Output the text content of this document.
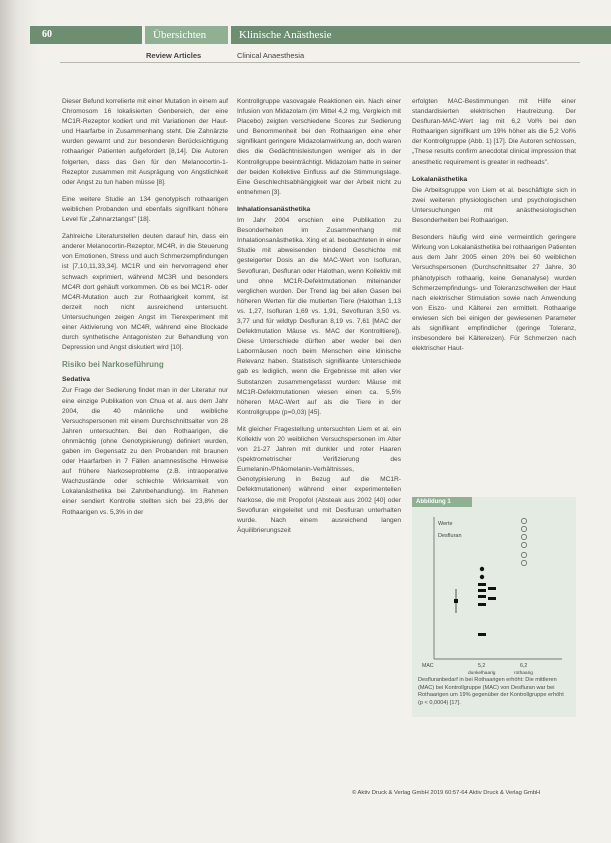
60	Übersichten	Klinische Anästhesie
Review Articles	Clinical Anaesthesia

Dieser Befund korrelierte mit einer Mutation in einem auf Chromosom 16 lokalisierten Genbereich, der eine MC1R-Rezeptor kodiert und mit Variationen der Haut- und Haarfarbe in Zusammenhang steht. Die Zahnärzte wurden gewarnt und zur besonderen Berücksichtigung rothaariger Patienten aufgefordert [8,14]. Die Autoren folgerten, dass das Gen für den Melanocortin-1-Rezeptor zusammen mit Ausprägung von Angstlichkeit oder Angst zu tun haben müsse [8].

Eine weitere Studie an 134 genotypisch rothaarigen weiblichen Probanden und ebenfalls signifikant höhere Level für „Zahnarztangst" [18].

Zahlreiche Literaturstellen deuten darauf hin, dass ein anderer Melanocortin-Rezeptor, MC4R, in die Steuerung von Emotionen, Stress und auch Schmerzempfindungen ist [7,10,11,33,34]. MC1R und ein hervorragend eher schwach exprimiert, während MC3R und besonders MC4R dort gehäuft vorkommen. Ob es bei MC1R- oder MC4R-Mutation auch zur Rothaarigkeit kommt, ist derzeit noch nicht ausreichend untersucht. Untersuchungen zeigen Angst im Tierexperiment mit einer Aktivierung von MC4R, während eine Blockade durch synthetische Antagonisten zur Behandlung von Depression und Angst diskutiert wird [10].

Risiko bei Narkoseführung
Sedativa

Zur Frage der Sedierung findet man in der Literatur nur eine einzige Publikation von Chua et al. aus dem Jahr 2004, die 40 männliche und weibliche Versuchspersonen mit einem Durchschnittsalter von 28 Jahren untersuchten. Bei den Rothaarigen, die ohnmächtig (ohne Genotypisierung) definiert wurden, gaben im Gegensatz zu den Probanden mit braunen oder Haarfarben in 7 Fällen anamnestische Hinweise auf frühere Narkoseprobleme (z.B. intraoperative Wachzustände oder schlechte Wirksamkeit von Lokalanästhetika bei Zahnbehandlung). Im Rahmen einer sendiert Kontrolle stellten sich bei 23,8% der Rothaarigen vs. 5,3% in der

Kontrollgruppe vasovagale Reaktionen ein. Nach einer Infusion von Midazolam (im Mittel 4,2 mg, Vergleich mit Placebo) zeigten verschiedene Scores zur Sedierung und Benommenheit bei den Rothaarigen eine eher signifikant geringere Midazolamwirkung an, doch waren dies die Gedächtnisleistungen weniger als in der Kontrollgruppe beeinträchtigt. Midazolam hatte in seiner der beiden Kollektive Einfluss auf die Stimmungslage. Eine Geschlechtsabhängigkeit war der Arbeit nicht zu entnehmen [3].

Inhalationsanästhetika

Im Jahr 2004 erschien eine Publikation zu Besonderheiten im Zusammenhang mit Inhalationsanästhetika. Xing et al. beobachteten in einer Studie mit abweisenden bindend Geschichte mit gesteigerter Dosis an die MAC-Wert von Isofluran, Sevofluran, Desfluran oder Halothan, wenn Kollektiv mit und ohne MC1R-Defektmutationen miteinander verglichen wurden. Der Trend lag bei allen Gasen bei höheren Werten für die mutierten Tiere (Halothan 1,13 vs. 1,27, Isofluran 1,69 vs. 1,91, Sevofluran 3,50 vs. 3,77 und für wildtyp Desfluran 8,19 vs. 7,61 [MAC der Defektmutation Mäuse vs. MAC der Kontrolltiere]). Diese Unterschiede dürften aber weder bei den Labormäusen noch beim Menschen eine klinische Relevanz haben. Statistisch signifikante Unterschiede gab es lediglich, wenn die Ergebnisse mit allen vier Substanzen zusammengefasst wurden: Mäuse mit MC1R-Defektmutationen wiesen einen ca. 5,5% höheren MAC-Wert auf als die Tiere in der Kontrollgruppe (p=0,03) [45].

Mit gleicher Fragestellung untersuchten Liem et al. ein Kollektiv von 20 weiblichen Versuchspersonen im Alter von 21-27 Jahren mit dunkler und roter Haaren (spektrometrischer Verifizierung des Eumelanin-/Phäomelanin-Verhältnisses, Genotypisierung in Bezug auf die MC1R-Defektmutationen) während einer experimentellen Narkose, die mit Propofol (Absteak aus 2002 [40] oder Sevofluran eingeleitet und mit Desfluran unterhalten wurde. Nach einem ausreichend langen Äquilibrierungszeit

erfolgten MAC-Bestimmungen mit Hilfe einer standardisierten elektrischen Hautreizung. Der Desfluran-MAC-Wert lag mit 6,2 Vol% bei den Rothaarigen signifikant um 19% höher als die 5,2 Vol% der Kontrollgruppe (Abb. 1) [17]. Die Autoren schlossen, „These results confirm anecdotal clinical impression that anesthetic requirement is greater in redheads".

Lokalanästhetika

Die Arbeitsgruppe von Liem et al. beschäftigte sich in zwei weiteren physiologischen und psychologischen Untersuchungen mit anästhesiologischen Besonderheiten bei Rothaarigen.

Besonders häufig wird eine vermeintlich geringere Wirkung von Lokalanästhetika bei rothaarigen Patienten aus dem Jahr 2005 einen 20% bei 60 weiblichen Versuchspersonen (Durchschnittsalter 27 Jahre, 30 phänotypisch rothaarig, keine Genanalyse) wurden Schmerzempfindungs- und Toleranzschwellen der Haut nach elektrischer Stimulation sowie nach Anwendung von Eiszo- und Kälterei zen ermittelt. Rothaarige erwiesen sich bei einigen der gewiesenen Parameter als signifikant empfindlicher (geringe Toleranz, insbesondere bei Kältereizen). Für Schmerzen nach elektrischer Haut-

Abbildung 1
Werte
Desfluran
MAC	5,2	6,2
dunkelhaarig	rothaarig
Desfluranbedarf in bei Rothaarigen erhöht: Die mittleren (MAC) bei Kontrollgruppe (MAC) von Desfluran war bei Rothaarigen um 19% gegenüber der Kontrollgruppe erhöht (p < 0,0004) [17].
© Aktiv Druck & Verlag GmbH 2019 60:57-64 Aktiv Druck & Verlag GmbH
